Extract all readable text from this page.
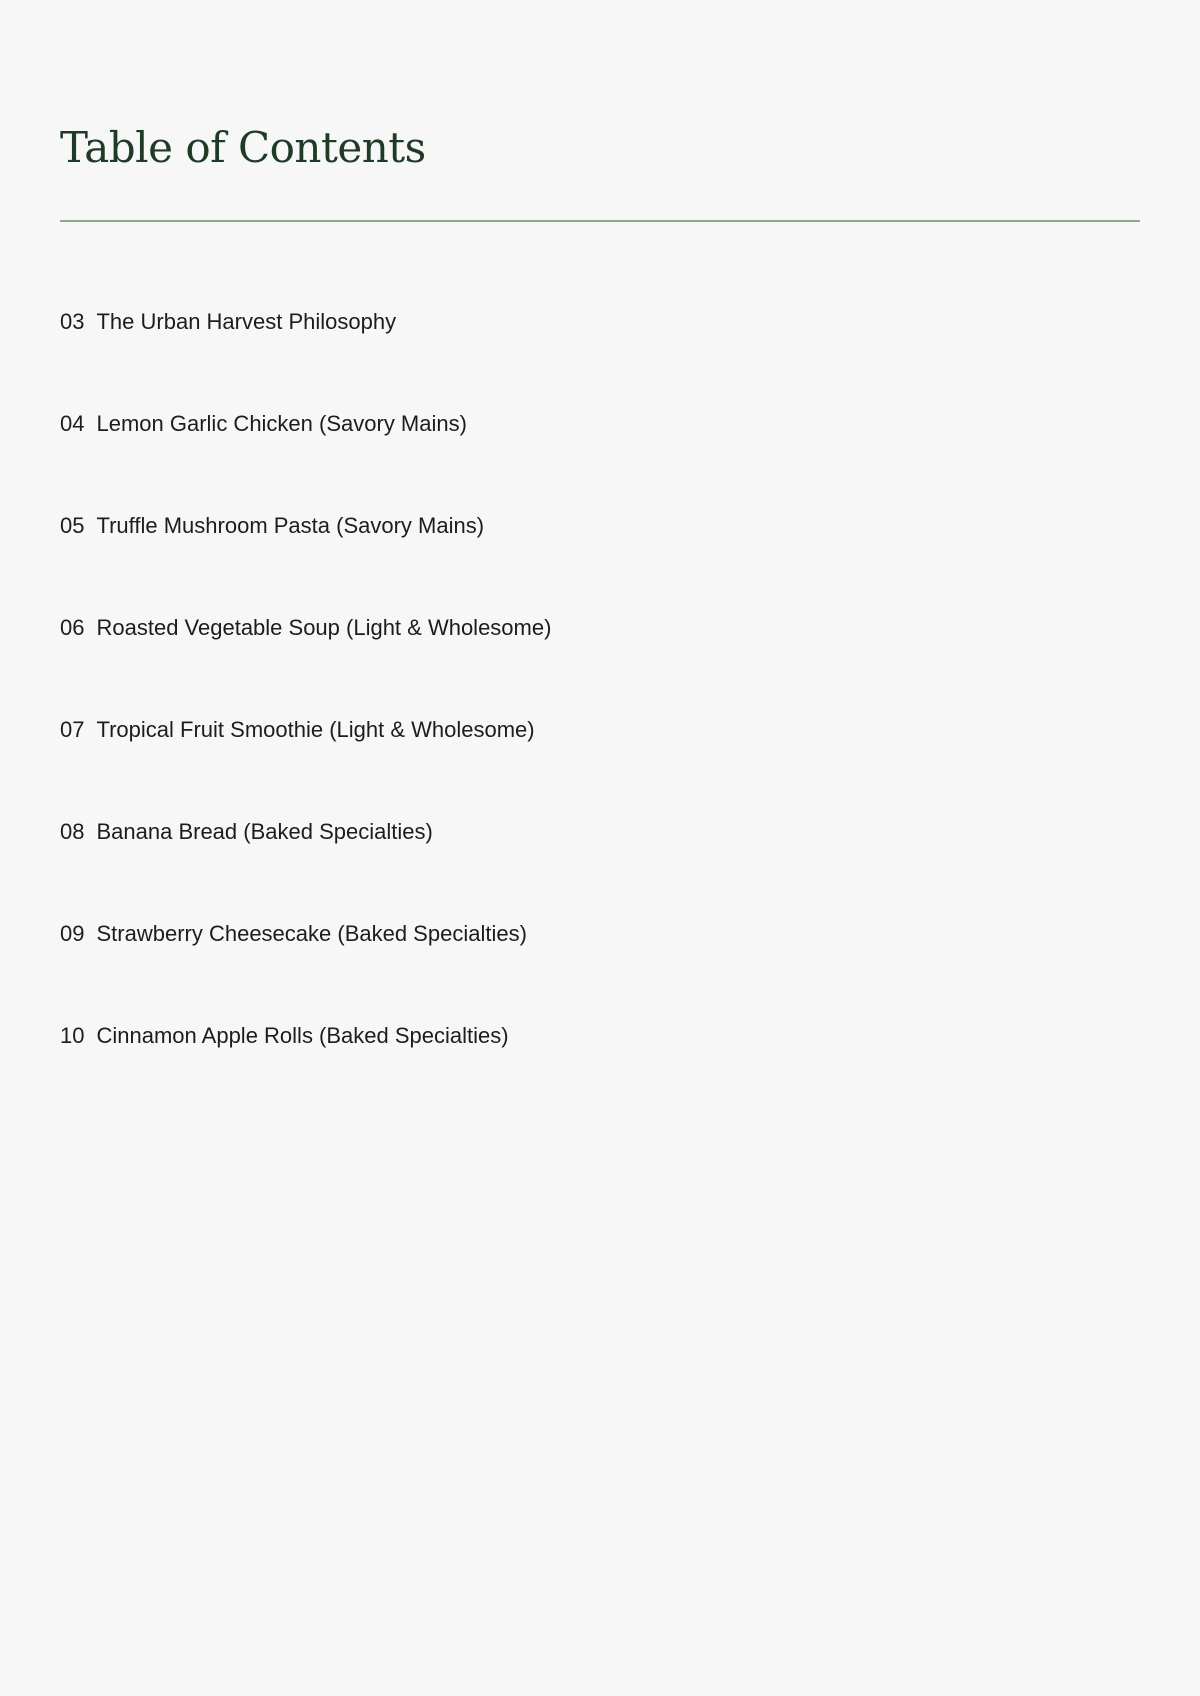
Table of Contents
03 The Urban Harvest Philosophy
04 Lemon Garlic Chicken (Savory Mains)
05 Truffle Mushroom Pasta (Savory Mains)
06 Roasted Vegetable Soup (Light & Wholesome)
07 Tropical Fruit Smoothie (Light & Wholesome)
08 Banana Bread (Baked Specialties)
09 Strawberry Cheesecake (Baked Specialties)
10 Cinnamon Apple Rolls (Baked Specialties)
